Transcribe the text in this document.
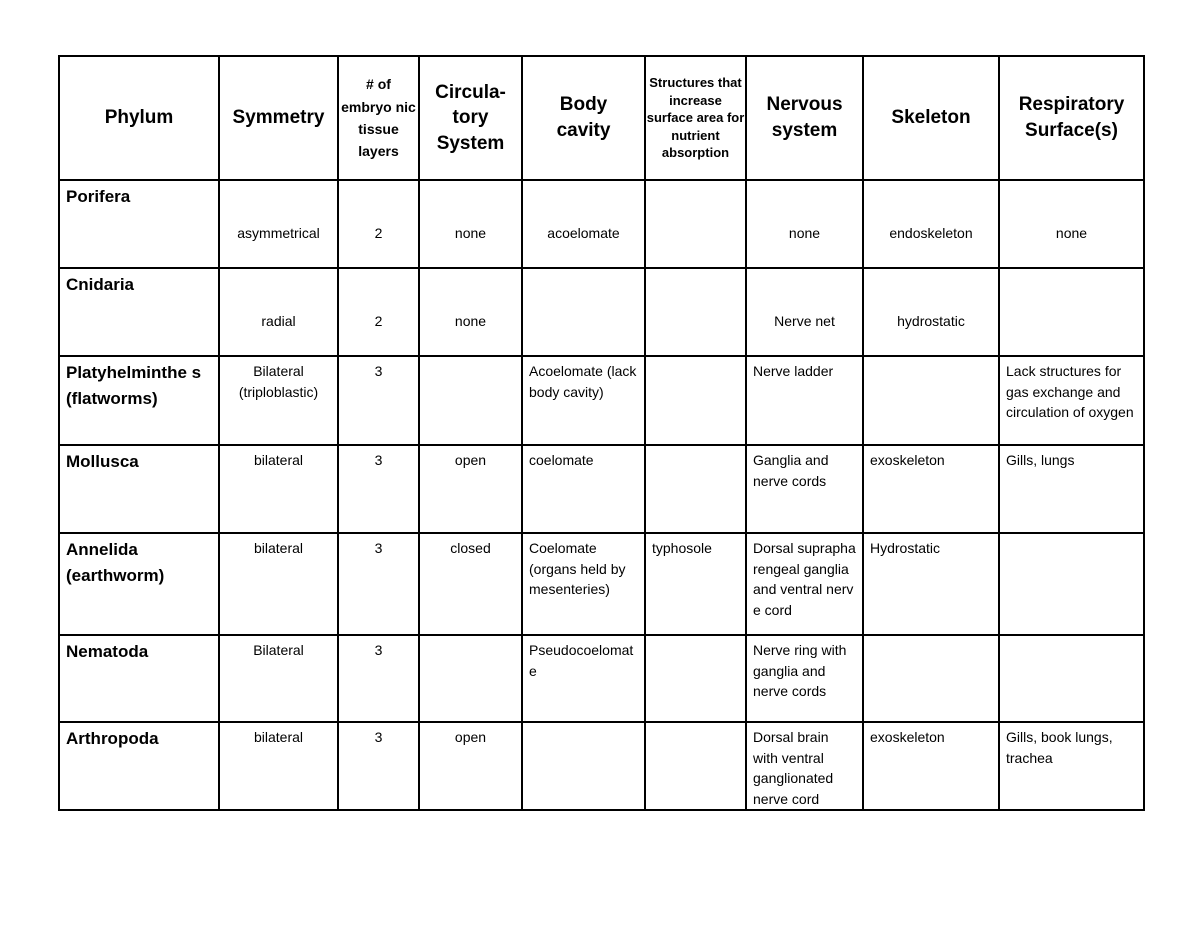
Phylum	Symmetry	# of embryo nic tissue layers	Circula- tory System	Body cavity	Structures that increase surface area for nutrient absorption	Nervous system	Skeleton	Respiratory Surface(s)
Porifera	asymmetrical	2	none	acoelomate		none	endoskeleton	none
Cnidaria	radial	2	none			Nerve net	hydrostatic	
Platyhelminthe s (flatworms)	Bilateral (triploblastic)	3		Acoelomate (lack body cavity)		Nerve ladder		Lack structures for gas exchange and circulation of oxygen
Mollusca	bilateral	3	open	coelomate		Ganglia and nerve cords	exoskeleton	Gills, lungs
Annelida (earthworm)	bilateral	3	closed	Coelomate (organs held by mesenteries)	typhosole	Dorsal suprapharengeal ganglia and ventral nerve cord	Hydrostatic	
Nematoda	Bilateral	3		Pseudocoelomate		Nerve ring with ganglia and nerve cords		
Arthropoda	bilateral	3	open			Dorsal brain with ventral ganglionated nerve cord	exoskeleton	Gills, book lungs, trachea
